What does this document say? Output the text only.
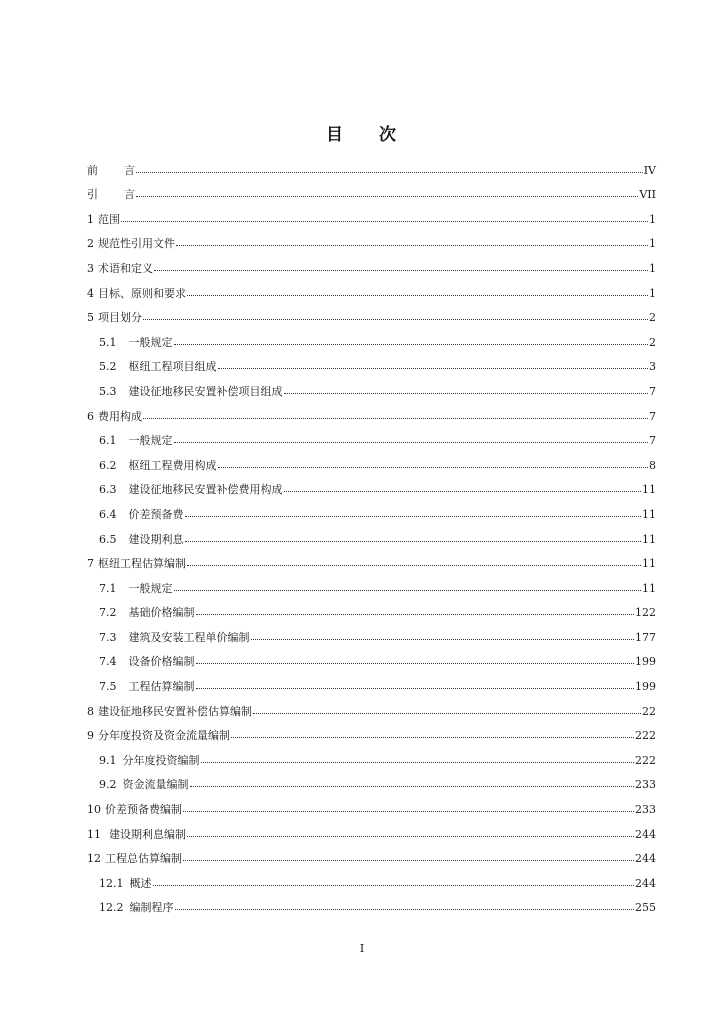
目 次
前 言	IV
引 言	VII
1 范围	1
2 规范性引用文件	1
3 术语和定义	1
4 目标、原则和要求	1
5 项目划分	2
5.1 一般规定	2
5.2 枢纽工程项目组成	3
5.3 建设征地移民安置补偿项目组成	7
6 费用构成	7
6.1 一般规定	7
6.2 枢纽工程费用构成	8
6.3 建设征地移民安置补偿费用构成	11
6.4 价差预备费	11
6.5 建设期利息	11
7 枢纽工程估算编制	11
7.1 一般规定	11
7.2 基础价格编制	122
7.3 建筑及安装工程单价编制	177
7.4 设备价格编制	199
7.5 工程估算编制	199
8 建设征地移民安置补偿估算编制	22
9 分年度投资及资金流量编制	222
9.1 分年度投资编制	222
9.2 资金流量编制	233
10 价差预备费编制	233
11 建设期利息编制	244
12 工程总估算编制	244
12.1 概述	244
12.2 编制程序	255
I
